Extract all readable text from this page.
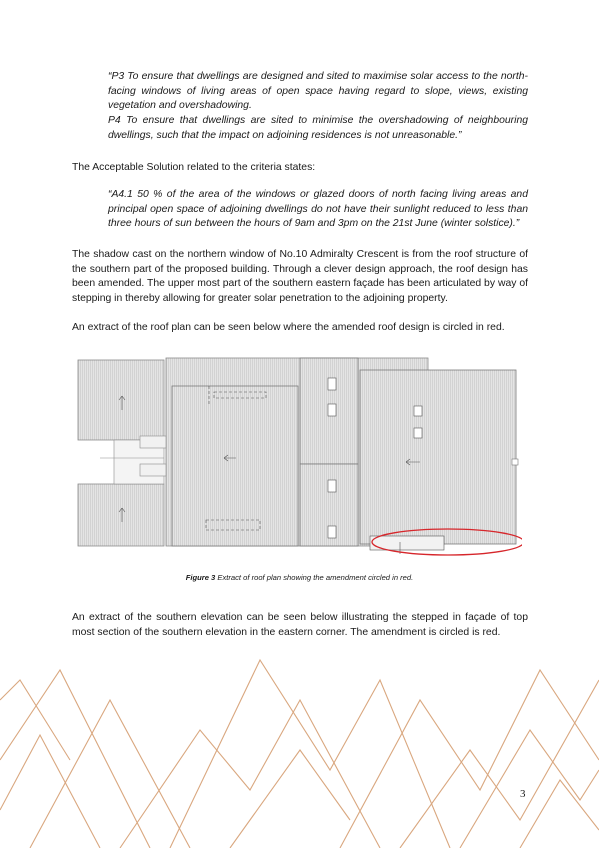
“P3 To ensure that dwellings are designed and sited to maximise solar access to the north-facing windows of living areas of open space having regard to slope, views, existing vegetation and overshadowing.

P4 To ensure that dwellings are sited to minimise the overshadowing of neighbouring dwellings, such that the impact on adjoining residences is not unreasonable.”

The Acceptable Solution related to the criteria states:

“A4.1 50 % of the area of the windows or glazed doors of north facing living areas and principal open space of adjoining dwellings do not have their sunlight reduced to less than three hours of sun between the hours of 9am and 3pm on the 21st June (winter solstice).”

The shadow cast on the northern window of No.10 Admiralty Crescent is from the roof structure of the southern part of the proposed building. Through a clever design approach, the roof design has been amended. The upper most part of the southern eastern façade has been articulated by way of stepping in thereby allowing for greater solar penetration to the adjoining property.

An extract of the roof plan can be seen below where the amended roof design is circled in red.

Figure 3 Extract of roof plan showing the amendment circled in red.

An extract of the southern elevation can be seen below illustrating the stepped in façade of top most section of the southern elevation in the eastern corner. The amendment is circled is red.

3
